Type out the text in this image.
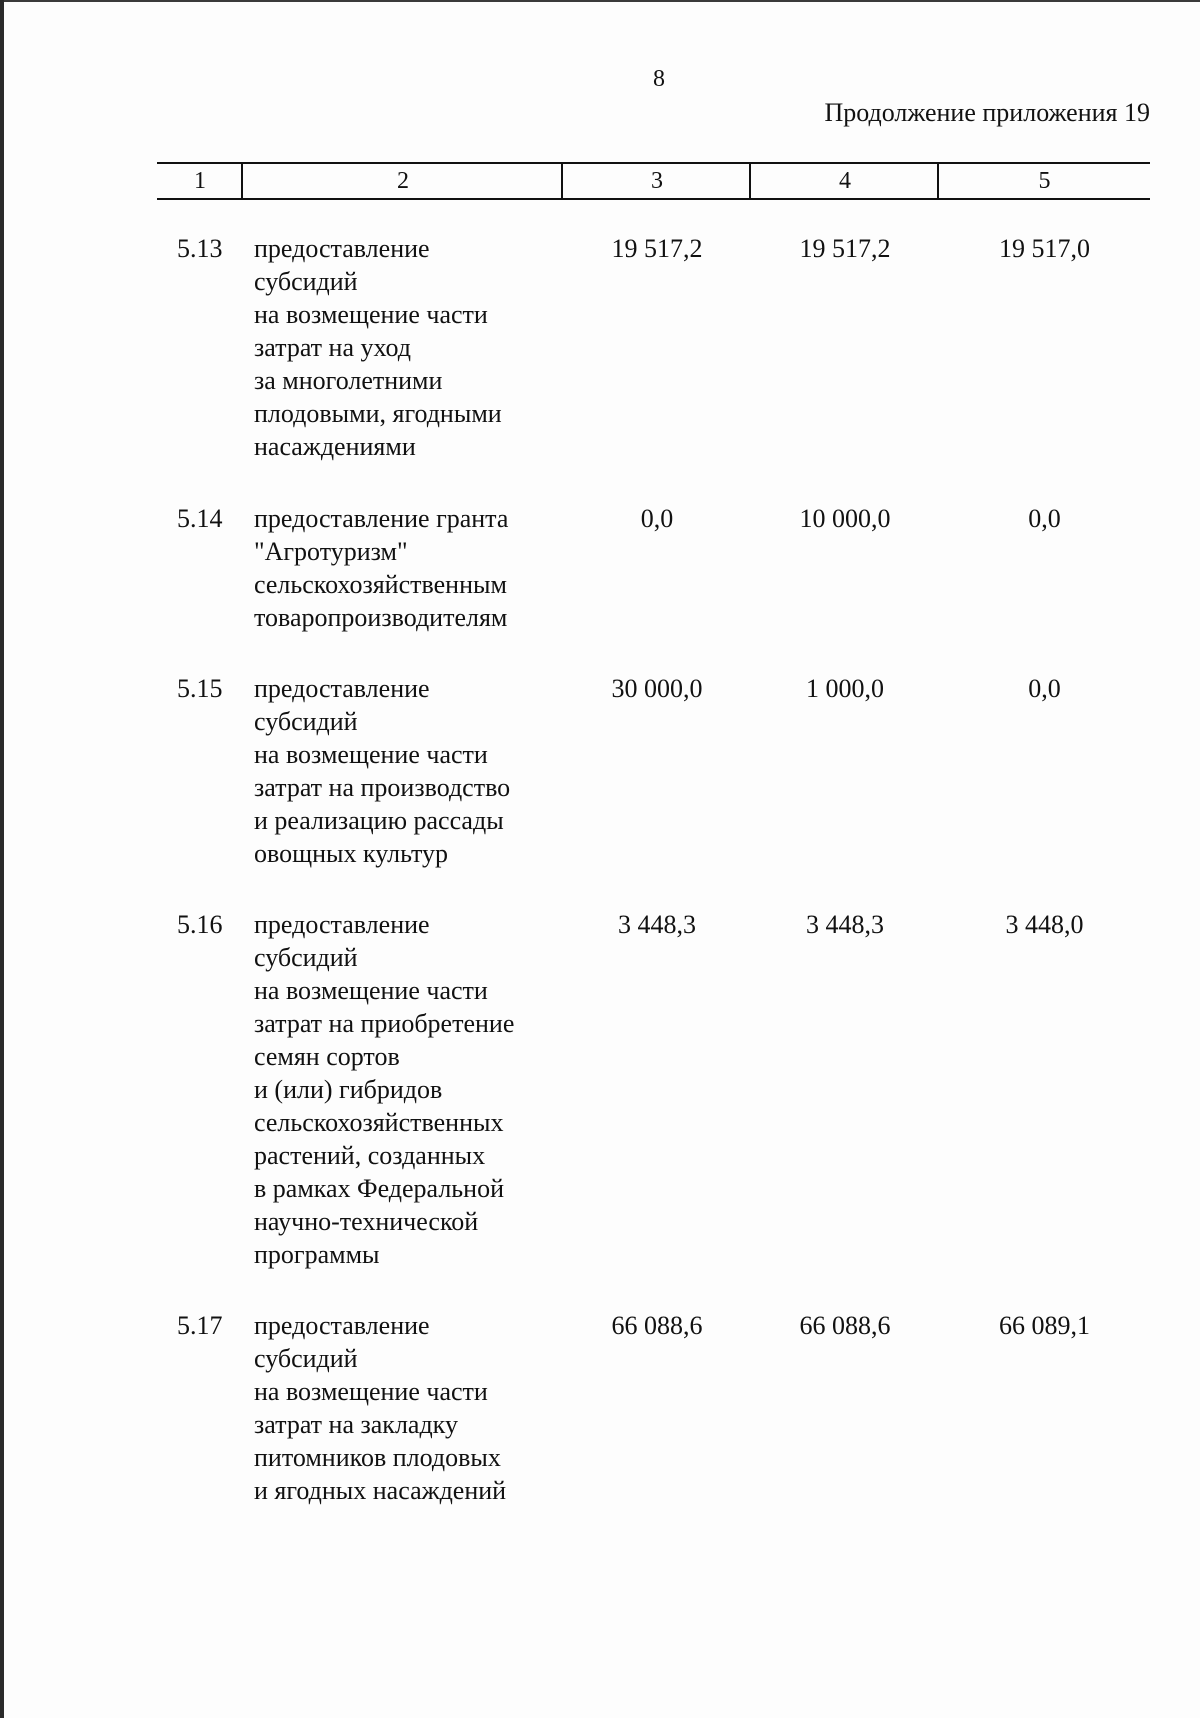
8
Продолжение приложения 19
1	2	3	4	5
5.13 предоставление
субсидий
на возмещение части
затрат на уход
за многолетними
плодовыми, ягодными
насаждениями
19 517,2	19 517,2	19 517,0
5.14 предоставление гранта
"Агротуризм"
сельскохозяйственным
товаропроизводителям
0,0	10 000,0	0,0
5.15 предоставление
субсидий
на возмещение части
затрат на производство
и реализацию рассады
овощных культур
30 000,0	1 000,0	0,0
5.16 предоставление
субсидий
на возмещение части
затрат на приобретение
семян сортов
и (или) гибридов
сельскохозяйственных
растений, созданных
в рамках Федеральной
научно-технической
программы
3 448,3	3 448,3	3 448,0
5.17 предоставление
субсидий
на возмещение части
затрат на закладку
питомников плодовых
и ягодных насаждений
66 088,6	66 088,6	66 089,1
